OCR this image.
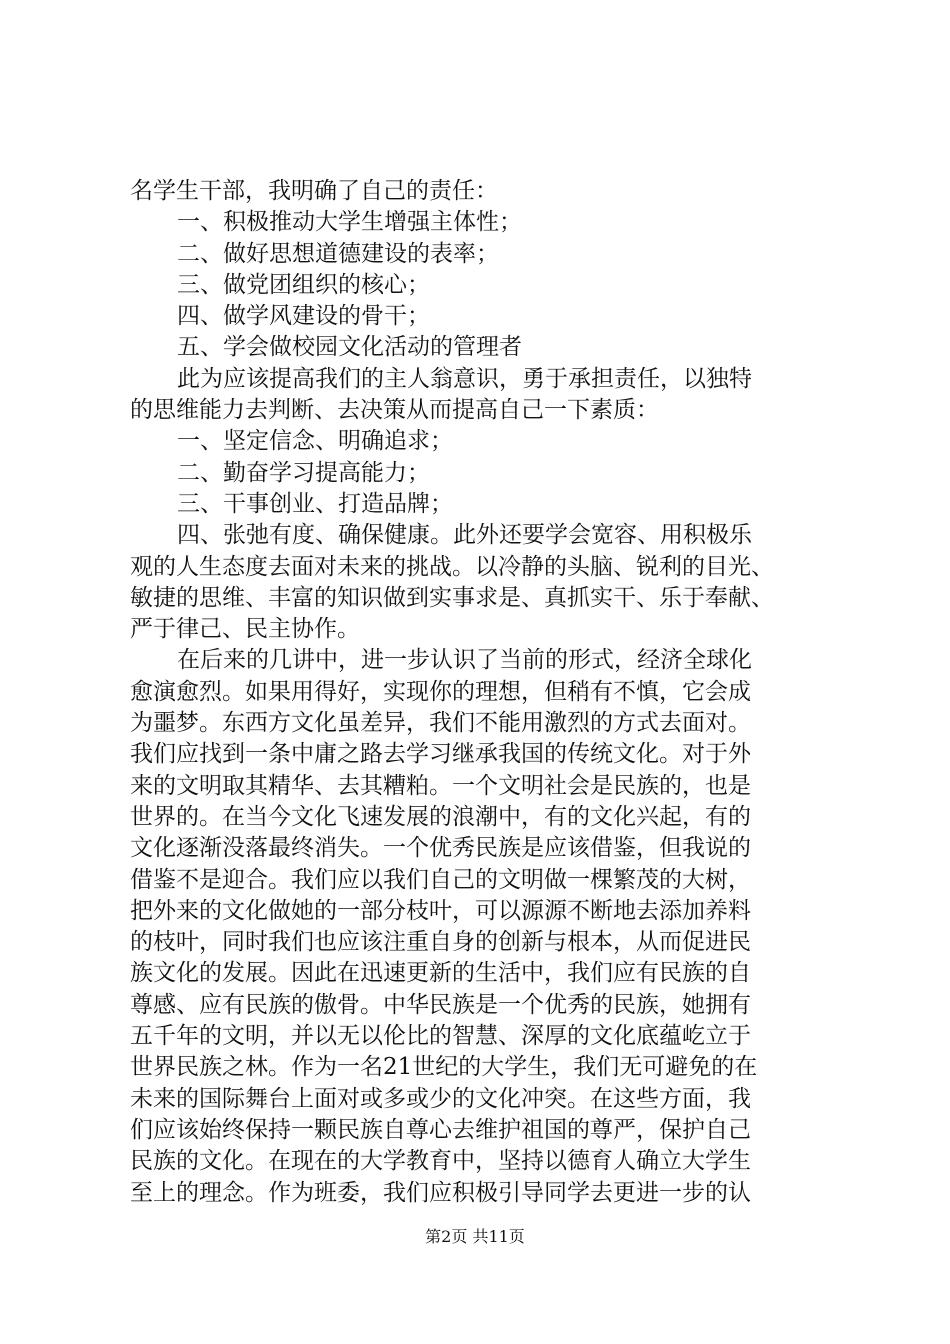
名学生干部，我明确了自己的责任：
一、积极推动大学生增强主体性；
二、做好思想道德建设的表率；
三、做党团组织的核心；
四、做学风建设的骨干；
五、学会做校园文化活动的管理者
此为应该提高我们的主人翁意识，勇于承担责任，以独特
的思维能力去判断、去决策从而提高自己一下素质：
一、坚定信念、明确追求；
二、勤奋学习提高能力；
三、干事创业、打造品牌；
四、张弛有度、确保健康。此外还要学会宽容、用积极乐
观的人生态度去面对未来的挑战。以冷静的头脑、锐利的目光、
敏捷的思维、丰富的知识做到实事求是、真抓实干、乐于奉献、
严于律己、民主协作。
在后来的几讲中，进一步认识了当前的形式，经济全球化
愈演愈烈。如果用得好，实现你的理想，但稍有不慎，它会成
为噩梦。东西方文化虽差异，我们不能用激烈的方式去面对。
我们应找到一条中庸之路去学习继承我国的传统文化。对于外
来的文明取其精华、去其糟粕。一个文明社会是民族的，也是
世界的。在当今文化飞速发展的浪潮中，有的文化兴起，有的
文化逐渐没落最终消失。一个优秀民族是应该借鉴，但我说的
借鉴不是迎合。我们应以我们自己的文明做一棵繁茂的大树，
把外来的文化做她的一部分枝叶，可以源源不断地去添加养料
的枝叶，同时我们也应该注重自身的创新与根本，从而促进民
族文化的发展。因此在迅速更新的生活中，我们应有民族的自
尊感、应有民族的傲骨。中华民族是一个优秀的民族，她拥有
五千年的文明，并以无以伦比的智慧、深厚的文化底蕴屹立于
世界民族之林。作为一名21世纪的大学生，我们无可避免的在
未来的国际舞台上面对或多或少的文化冲突。在这些方面，我
们应该始终保持一颗民族自尊心去维护祖国的尊严，保护自己
民族的文化。在现在的大学教育中，坚持以德育人确立大学生
至上的理念。作为班委，我们应积极引导同学去更进一步的认
第2页 共11页
